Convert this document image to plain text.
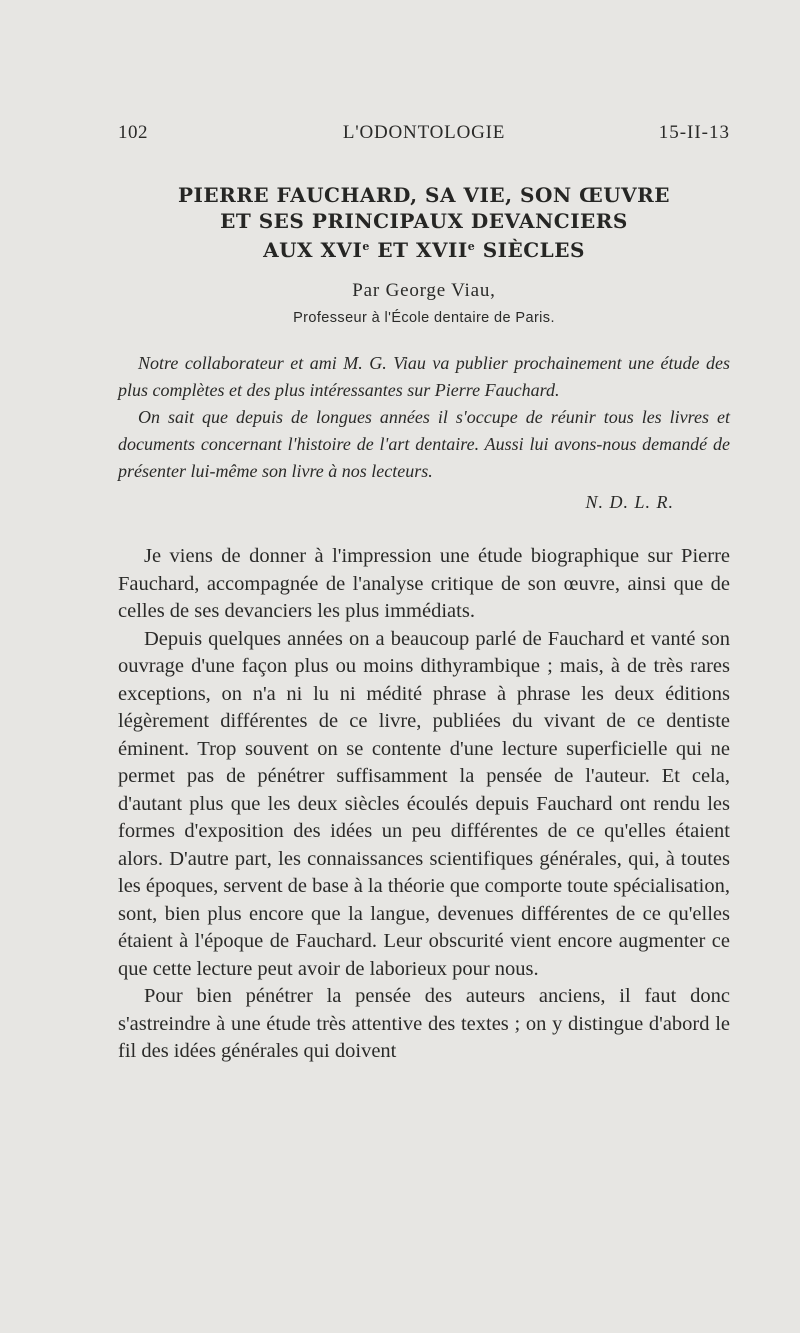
102	L'ODONTOLOGIE	15-II-13
PIERRE FAUCHARD, SA VIE, SON ŒUVRE
ET SES PRINCIPAUX DEVANCIERS
AUX XVIe ET XVIIe SIÈCLES
Par George Viau,
Professeur à l'École dentaire de Paris.

Notre collaborateur et ami M. G. Viau va publier prochainement une étude des plus complètes et des plus intéressantes sur Pierre Fauchard.

On sait que depuis de longues années il s'occupe de réunir tous les livres et documents concernant l'histoire de l'art dentaire. Aussi lui avons-nous demandé de présenter lui-même son livre à nos lecteurs.

N. D. L. R.

Je viens de donner à l'impression une étude biographique sur Pierre Fauchard, accompagnée de l'analyse critique de son œuvre, ainsi que de celles de ses devanciers les plus immédiats.

Depuis quelques années on a beaucoup parlé de Fauchard et vanté son ouvrage d'une façon plus ou moins dithyrambique ; mais, à de très rares exceptions, on n'a ni lu ni médité phrase à phrase les deux éditions légèrement différentes de ce livre, publiées du vivant de ce dentiste éminent. Trop souvent on se contente d'une lecture superficielle qui ne permet pas de pénétrer suffisamment la pensée de l'auteur. Et cela, d'autant plus que les deux siècles écoulés depuis Fauchard ont rendu les formes d'exposition des idées un peu différentes de ce qu'elles étaient alors. D'autre part, les connaissances scientifiques générales, qui, à toutes les époques, servent de base à la théorie que comporte toute spécialisation, sont, bien plus encore que la langue, devenues différentes de ce qu'elles étaient à l'époque de Fauchard. Leur obscurité vient encore augmenter ce que cette lecture peut avoir de laborieux pour nous.

Pour bien pénétrer la pensée des auteurs anciens, il faut donc s'astreindre à une étude très attentive des textes ; on y distingue d'abord le fil des idées générales qui doivent
